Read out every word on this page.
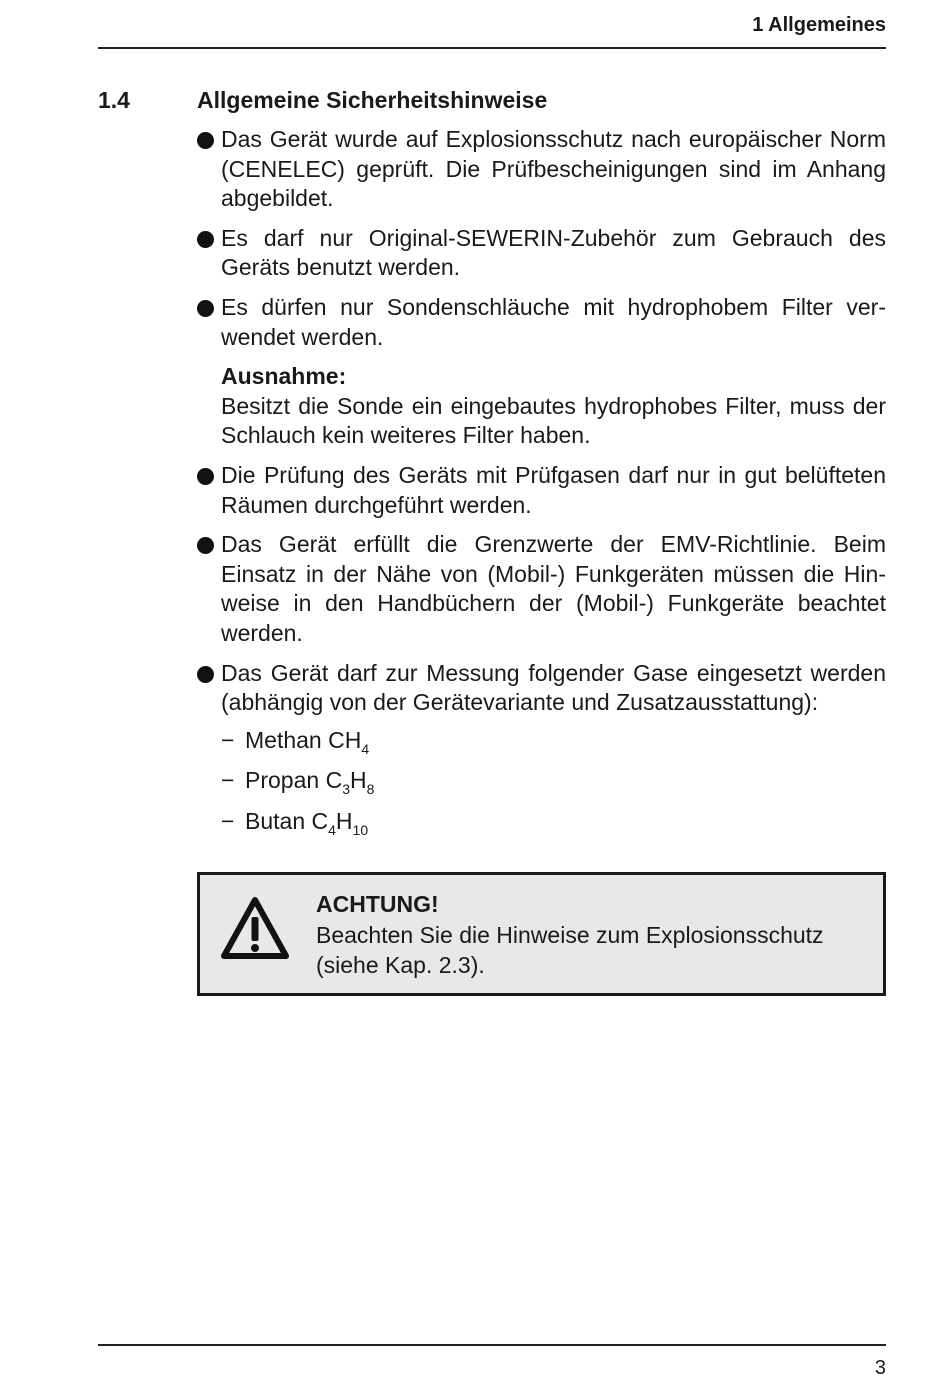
1 Allgemeines
1.4	Allgemeine Sicherheitshinweise
Das Gerät wurde auf Explosionsschutz nach europäischer Norm (CENELEC) geprüft. Die Prüfbescheinigungen sind im Anhang abgebildet.
Es darf nur Original-SEWERIN-Zubehör zum Gebrauch des Geräts benutzt werden.
Es dürfen nur Sondenschläuche mit hydrophobem Filter verwendet werden.
Ausnahme:
Besitzt die Sonde ein eingebautes hydrophobes Filter, muss der Schlauch kein weiteres Filter haben.
Die Prüfung des Geräts mit Prüfgasen darf nur in gut belüfteten Räumen durchgeführt werden.
Das Gerät erfüllt die Grenzwerte der EMV-Richtlinie. Beim Einsatz in der Nähe von (Mobil-) Funkgeräten müssen die Hinweise in den Handbüchern der (Mobil-) Funkgeräte beachtet werden.
Das Gerät darf zur Messung folgender Gase eingesetzt werden (abhängig von der Gerätevariante und Zusatzausstattung):
− Methan $CH_4$
− Propan $C_3H_8$
− Butan $C_4H_{10}$
ACHTUNG!
Beachten Sie die Hinweise zum Explosionsschutz (siehe Kap. 2.3).
3
